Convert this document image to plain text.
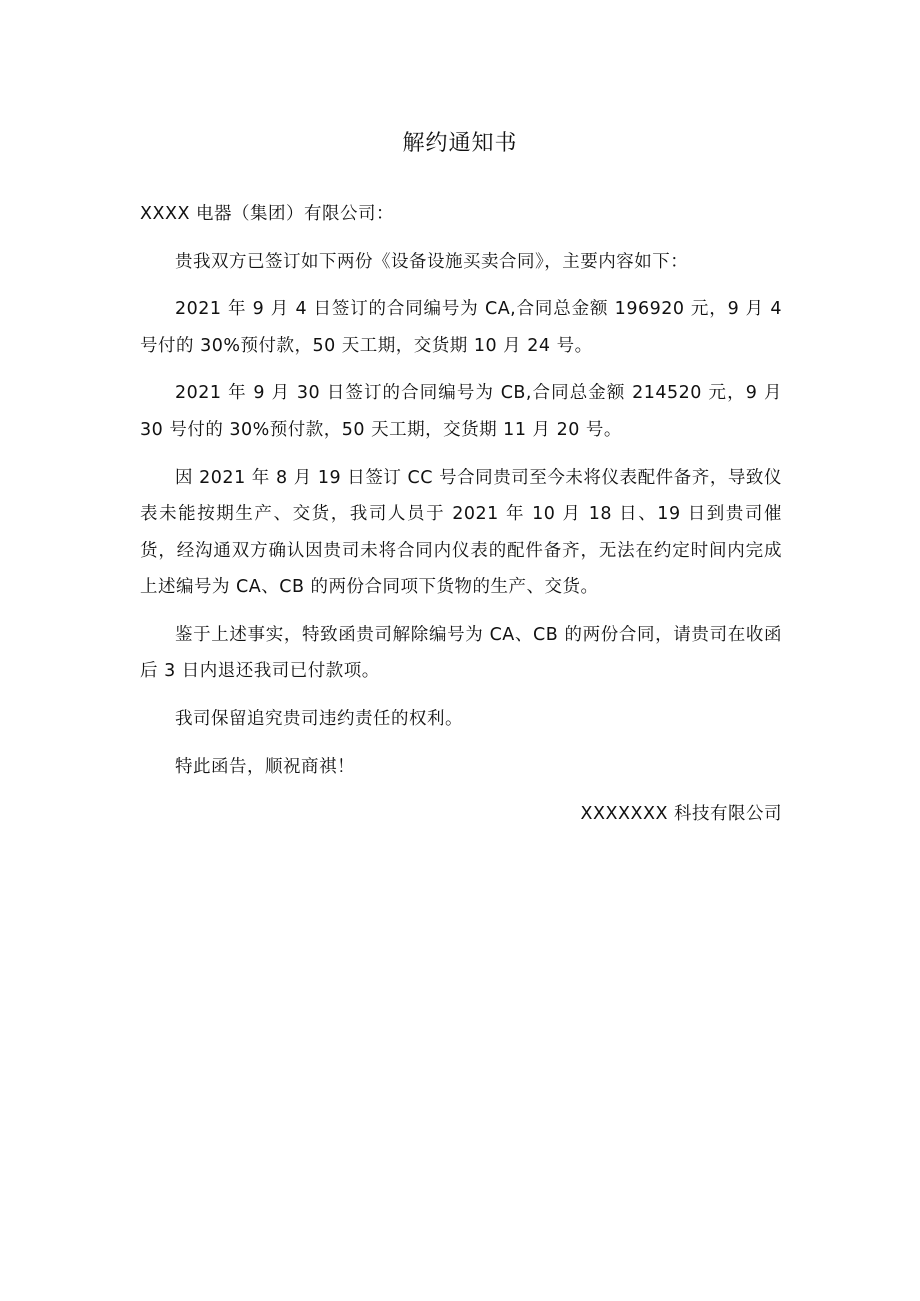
解约通知书

XXXX 电器（集团）有限公司：

贵我双方已签订如下两份《设备设施买卖合同》，主要内容如下：

2021 年 9 月 4 日签订的合同编号为 CA,合同总金额 196920 元，9 月 4 号付的 30%预付款，50 天工期，交货期 10 月 24 号。

2021 年 9 月 30 日签订的合同编号为 CB,合同总金额 214520 元，9 月 30 号付的 30%预付款，50 天工期，交货期 11 月 20 号。

因 2021 年 8 月 19 日签订 CC 号合同贵司至今未将仪表配件备齐，导致仪表未能按期生产、交货，我司人员于 2021 年 10 月 18 日、19 日到贵司催货，经沟通双方确认因贵司未将合同内仪表的配件备齐，无法在约定时间内完成上述编号为 CA、CB 的两份合同项下货物的生产、交货。

鉴于上述事实，特致函贵司解除编号为 CA、CB 的两份合同，请贵司在收函后 3 日内退还我司已付款项。

我司保留追究贵司违约责任的权利。

特此函告，顺祝商祺！

XXXXXXX 科技有限公司
